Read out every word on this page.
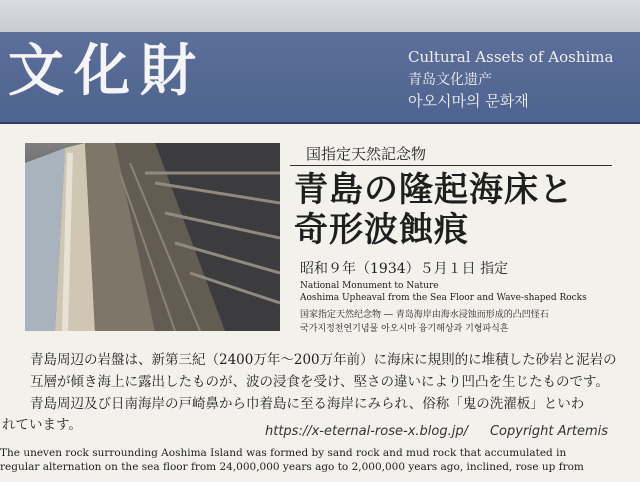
文化財	Cultural Assets of Aoshima
青岛文化遗产
아오시마의 문화재
国指定天然記念物
青島の隆起海床と
奇形波蝕痕
昭和９年（1934）５月１日 指定
National Monument to Nature
Aoshima Upheaval from the Sea Floor and Wave-shaped Rocks
国家指定天然纪念物 ― 青岛海岸由海水浸蚀而形成的凸凹怪石
국가지정천연기념물 아오시마 융기해상과 기형파식흔
青島周辺の岩盤は、新第三紀（2400万年〜200万年前）に海床に規則的に堆積した砂岩と泥岩の
互層が傾き海上に露出したものが、波の浸食を受け、堅さの違いにより凹凸を生じたものです。
青島周辺及び日南海岸の戸崎鼻から巾着島に至る海岸にみられ、俗称「鬼の洗濯板」といわ
れています。	https://x-eternal-rose-x.blog.jp/ Copyright Artemis
The uneven rock surrounding Aoshima Island was formed by sand rock and mud rock that accumulated in
regular alternation on the sea floor from 24,000,000 years ago to 2,000,000 years ago, inclined, rose up from
